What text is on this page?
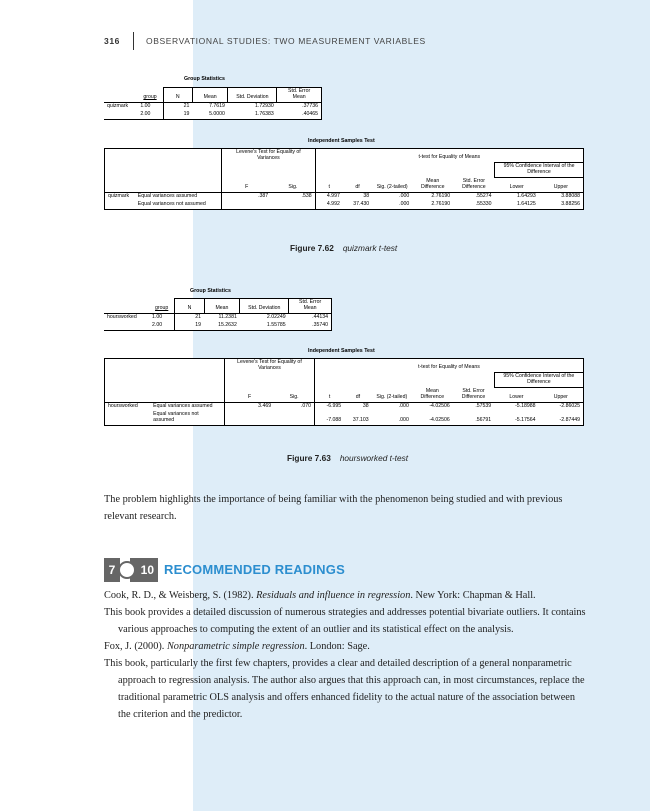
316	OBSERVATIONAL STUDIES: TWO MEASUREMENT VARIABLES
Group Statistics
	group	N	Mean	Std. Deviation	Std. Error
Mean

quizmark	1.00	21	7.7619	1.72930	.37736
	2.00	19	5.0000	1.76383	.40465
Independent Samples Test
		Levene's Test for Equality of Variances		t-test for Equality of Means						
									95% Confidence Interval of the Difference	
		F	Sig.	t	df	Sig. (2-tailed)	Mean Difference	Std. Error Difference	Lower	Upper
quizmark	Equal variances assumed	.387	.538	4.997	38	.000	2.76190	.55274	1.64293	3.88088
	Equal variances not assumed			4.992	37.430	.000	2.76190	.55330	1.64125	3.88256
Figure 7.62 quizmark t-test
Group Statistics
	group	N	Mean	Std. Deviation	Std. Error
Mean

hoursworked	1.00	21	11.2381	2.02249	.44134
	2.00	19	15.2632	1.55785	.35740
Independent Samples Test
		Levene's Test for Equality of Variances		t-test for Equality of Means						
									95% Confidence Interval of the Difference	
		F	Sig.	t	df	Sig. (2-tailed)	Mean Difference	Std. Error Difference	Lower	Upper
hoursworked	Equal variances assumed	3.469	.070	-6.995	38	.000	-4.02506	.57539	-5.18988	-2.86025
	Equal variances not assumed			-7.088	37.103	.000	-4.02506	.56791	-5.17564	-2.87449
Figure 7.63 hoursworked t-test
The problem highlights the importance of being familiar with the phenomenon being studied and with previous relevant research.
7	10 RECOMMENDED READINGS

Cook, R. D., & Weisberg, S. (1982). Residuals and influence in regression. New York: Chapman & Hall.

This book provides a detailed discussion of numerous strategies and addresses potential bivariate outliers. It contains various approaches to computing the extent of an outlier and its statistical effect on the analysis.

Fox, J. (2000). Nonparametric simple regression. London: Sage.

This book, particularly the first few chapters, provides a clear and detailed description of a general nonparametric approach to regression analysis. The author also argues that this approach can, in most circumstances, replace the traditional parametric OLS analysis and offers enhanced fidelity to the actual nature of the association between the criterion and the predictor.
